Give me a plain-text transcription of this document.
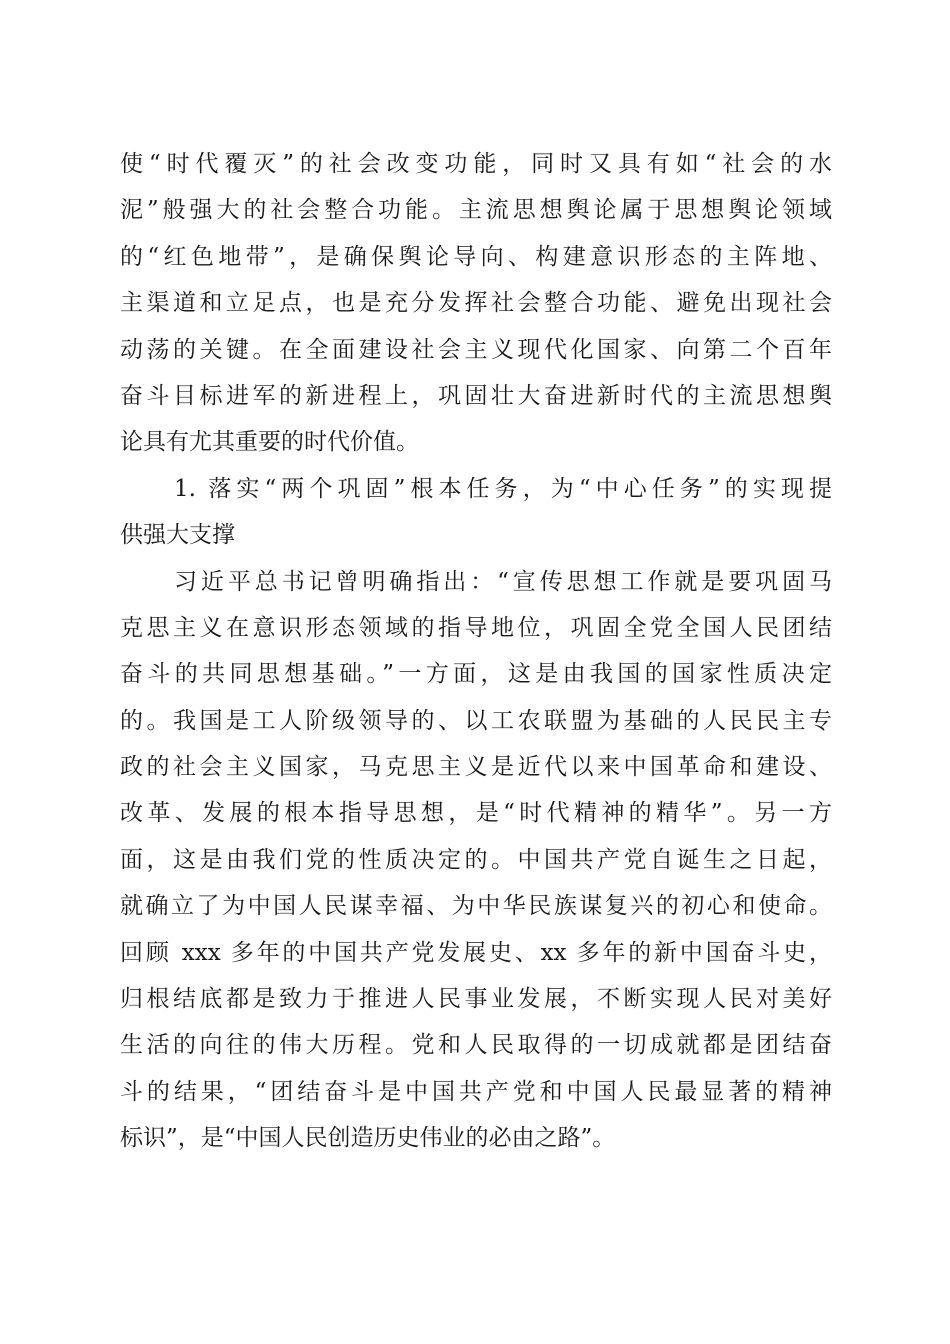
使“时代覆灭”的社会改变功能，同时又具有如“社会的水
泥”般强大的社会整合功能。主流思想舆论属于思想舆论领域
的“红色地带”，是确保舆论导向、构建意识形态的主阵地、
主渠道和立足点，也是充分发挥社会整合功能、避免出现社会
动荡的关键。在全面建设社会主义现代化国家、向第二个百年
奋斗目标进军的新进程上，巩固壮大奋进新时代的主流思想舆
论具有尤其重要的时代价值。
1. 落实“两个巩固”根本任务，为“中心任务”的实现提
供强大支撑
习近平总书记曾明确指出：“宣传思想工作就是要巩固马
克思主义在意识形态领域的指导地位，巩固全党全国人民团结
奋斗的共同思想基础。”一方面，这是由我国的国家性质决定
的。我国是工人阶级领导的、以工农联盟为基础的人民民主专
政的社会主义国家，马克思主义是近代以来中国革命和建设、
改革、发展的根本指导思想，是“时代精神的精华”。另一方
面，这是由我们党的性质决定的。中国共产党自诞生之日起，
就确立了为中国人民谋幸福、为中华民族谋复兴的初心和使命。
回顾 xxx 多年的中国共产党发展史、xx 多年的新中国奋斗史，
归根结底都是致力于推进人民事业发展，不断实现人民对美好
生活的向往的伟大历程。党和人民取得的一切成就都是团结奋
斗的结果，“团结奋斗是中国共产党和中国人民最显著的精神
标识”，是“中国人民创造历史伟业的必由之路”。
